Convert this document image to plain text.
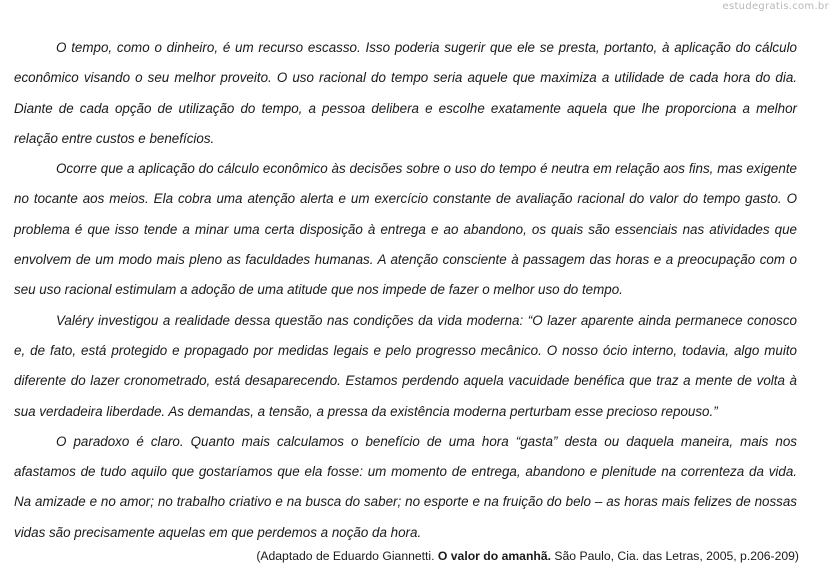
estudegratis.com.br

O tempo, como o dinheiro, é um recurso escasso. Isso poderia sugerir que ele se presta, portanto, à aplicação do cálculo econômico visando o seu melhor proveito. O uso racional do tempo seria aquele que maximiza a utilidade de cada hora do dia. Diante de cada opção de utilização do tempo, a pessoa delibera e escolhe exatamente aquela que lhe proporciona a melhor relação entre custos e benefícios.

Ocorre que a aplicação do cálculo econômico às decisões sobre o uso do tempo é neutra em relação aos fins, mas exigente no tocante aos meios. Ela cobra uma atenção alerta e um exercício constante de avaliação racional do valor do tempo gasto. O problema é que isso tende a minar uma certa disposição à entrega e ao abandono, os quais são essenciais nas atividades que envolvem de um modo mais pleno as faculdades humanas. A atenção consciente à passagem das horas e a preocupação com o seu uso racional estimulam a adoção de uma atitude que nos impede de fazer o melhor uso do tempo.

Valéry investigou a realidade dessa questão nas condições da vida moderna: “O lazer aparente ainda permanece conosco e, de fato, está protegido e propagado por medidas legais e pelo progresso mecânico. O nosso ócio interno, todavia, algo muito diferente do lazer cronometrado, está desaparecendo. Estamos perdendo aquela vacuidade benéfica que traz a mente de volta à sua verdadeira liberdade. As demandas, a tensão, a pressa da existência moderna perturbam esse precioso repouso.”

O paradoxo é claro. Quanto mais calculamos o benefício de uma hora “gasta” desta ou daquela maneira, mais nos afastamos de tudo aquilo que gostaríamos que ela fosse: um momento de entrega, abandono e plenitude na correnteza da vida. Na amizade e no amor; no trabalho criativo e na busca do saber; no esporte e na fruição do belo – as horas mais felizes de nossas vidas são precisamente aquelas em que perdemos a noção da hora.

(Adaptado de Eduardo Giannetti. O valor do amanhã. São Paulo, Cia. das Letras, 2005, p.206-209)
